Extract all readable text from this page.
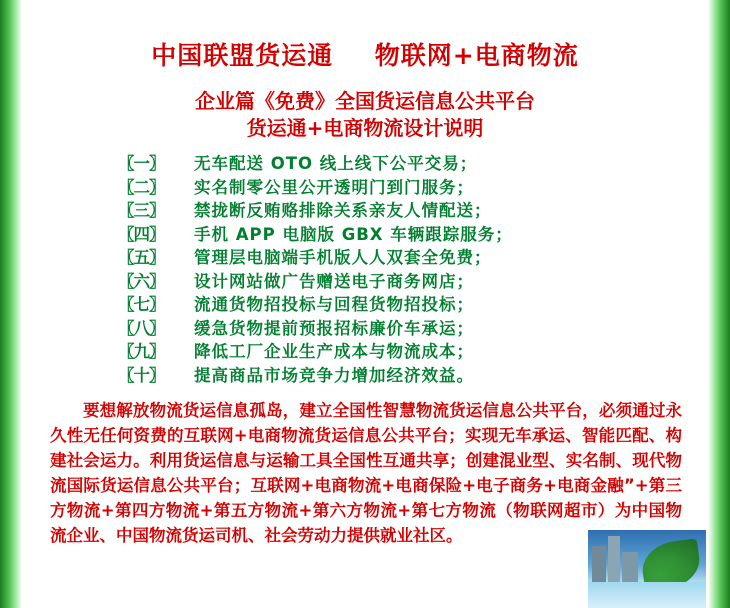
中国联盟货运通 物联网+电商物流
企业篇《免费》全国货运信息公共平台
货运通+电商物流设计说明
〖一〗	无车配送 OTO 线上线下公平交易；
〖二〗	实名制零公里公开透明门到门服务；
〖三〗	禁拢断反贿赂排除关系亲友人情配送；
〖四〗	手机 APP 电脑版 GBX 车辆跟踪服务；
〖五〗	管理层电脑端手机版人人双套全免费；
〖六〗	设计网站做广告赠送电子商务网店；
〖七〗	流通货物招投标与回程货物招投标；
〖八〗	缓急货物提前预报招标廉价车承运；
〖九〗	降低工厂企业生产成本与物流成本；
〖十〗	提高商品市场竞争力增加经济效益。
要想解放物流货运信息孤岛，建立全国性智慧物流货运信息公共平台，必须通过永久性无任何资费的互联网+电商物流货运信息公共平台；实现无车承运、智能匹配、构建社会运力。利用货运信息与运输工具全国性互通共享；创建混业型、实名制、现代物流国际货运信息公共平台；互联网+电商物流+电商保险+电子商务+电商金融”+第三方物流+第四方物流+第五方物流+第六方物流+第七方物流（物联网超市）为中国物流企业、中国物流货运司机、社会劳动力提供就业社区。
